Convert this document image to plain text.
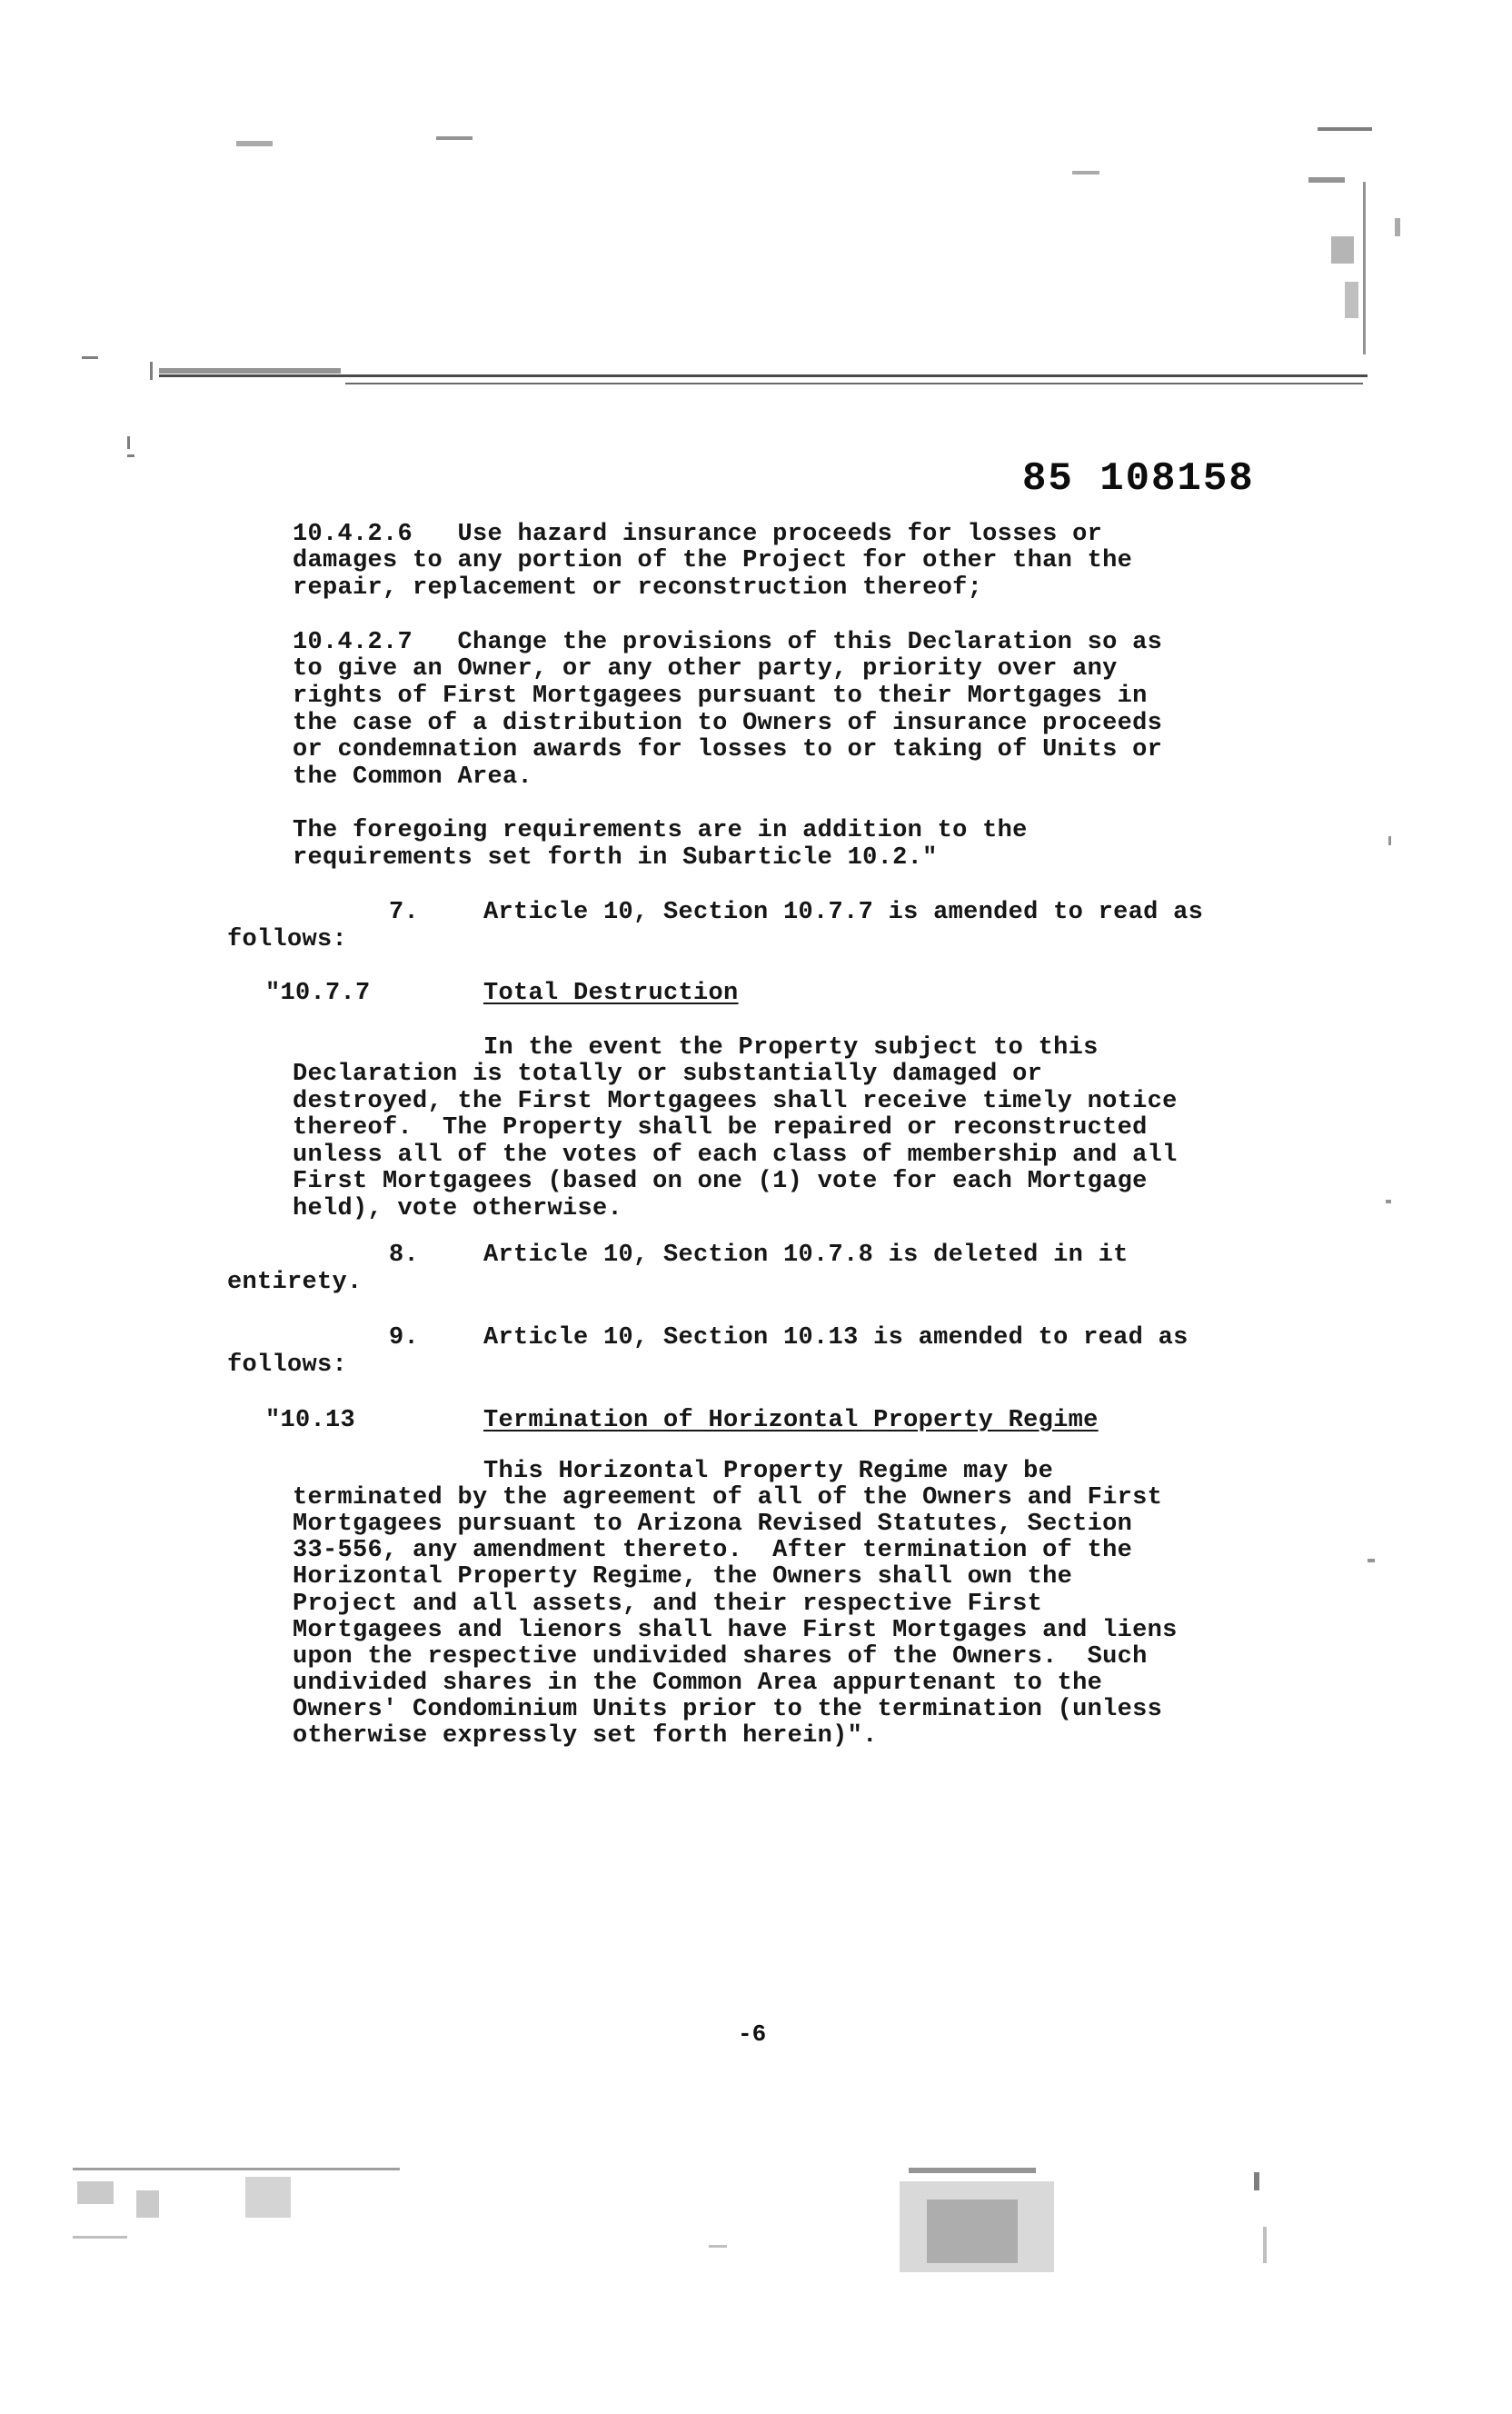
85 108158
10.4.2.6   Use hazard insurance proceeds for losses or
damages to any portion of the Project for other than the
repair, replacement or reconstruction thereof;
10.4.2.7   Change the provisions of this Declaration so as
to give an Owner, or any other party, priority over any
rights of First Mortgagees pursuant to their Mortgages in
the case of a distribution to Owners of insurance proceeds
or condemnation awards for losses to or taking of Units or
the Common Area.
The foregoing requirements are in addition to the
requirements set forth in Subarticle 10.2."
7.	Article 10, Section 10.7.7 is amended to read as
follows:
"10.7.7	Total Destruction
In the event the Property subject to this
Declaration is totally or substantially damaged or
destroyed, the First Mortgagees shall receive timely notice
thereof.  The Property shall be repaired or reconstructed
unless all of the votes of each class of membership and all
First Mortgagees (based on one (1) vote for each Mortgage
held), vote otherwise.
8.	Article 10, Section 10.7.8 is deleted in it
entirety.
9.	Article 10, Section 10.13 is amended to read as
follows:
"10.13	Termination of Horizontal Property Regime
This Horizontal Property Regime may be
terminated by the agreement of all of the Owners and First
Mortgagees pursuant to Arizona Revised Statutes, Section
33-556, any amendment thereto.  After termination of the
Horizontal Property Regime, the Owners shall own the
Project and all assets, and their respective First
Mortgagees and lienors shall have First Mortgages and liens
upon the respective undivided shares of the Owners.  Such
undivided shares in the Common Area appurtenant to the
Owners' Condominium Units prior to the termination (unless
otherwise expressly set forth herein)".
-6
